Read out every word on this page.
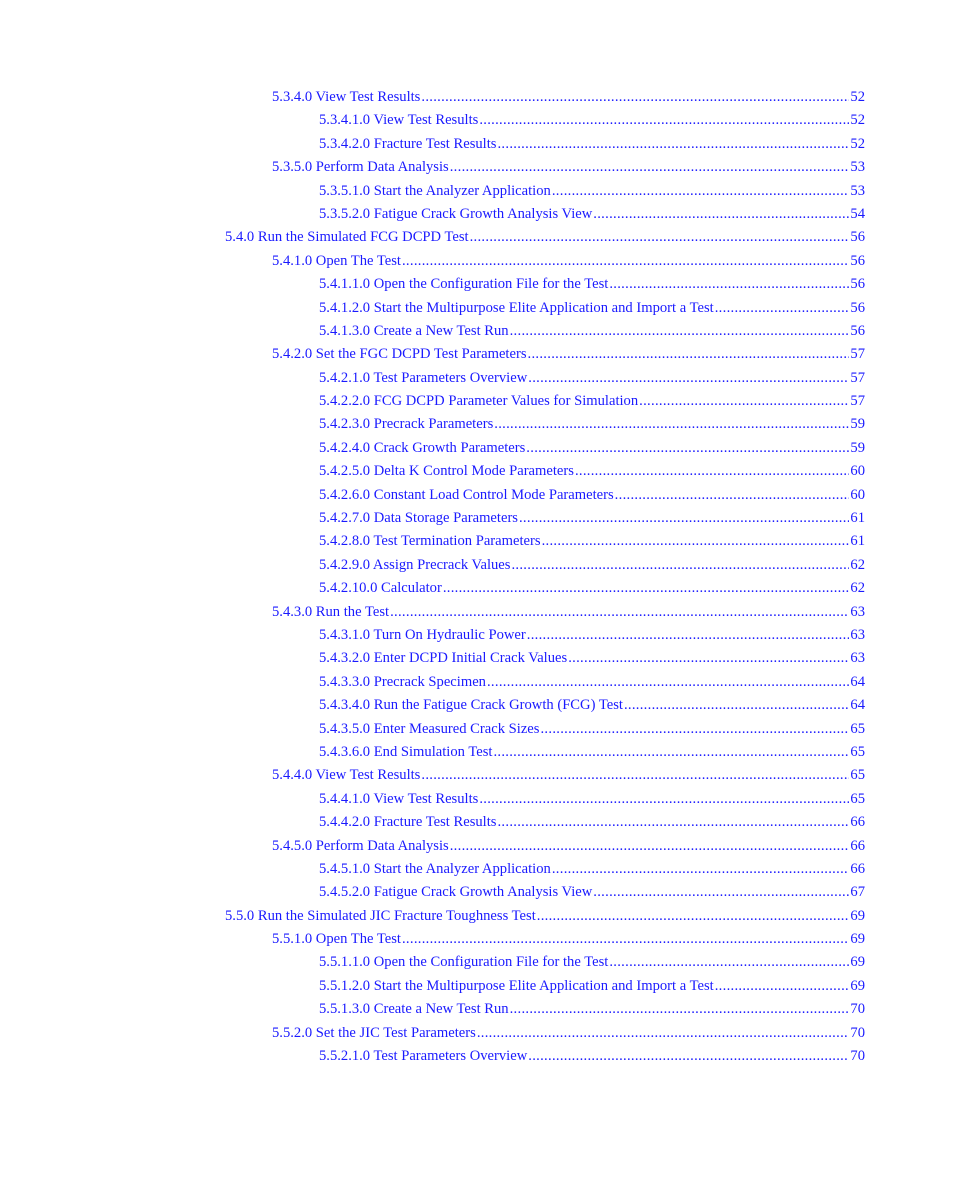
5.3.4.0 View Test Results .....	52
5.3.4.1.0 View Test Results .....	52
5.3.4.2.0 Fracture Test Results .....	52
5.3.5.0 Perform Data Analysis .....	53
5.3.5.1.0 Start the Analyzer Application .....	53
5.3.5.2.0 Fatigue Crack Growth Analysis View .....	54
5.4.0 Run the Simulated FCG DCPD Test .....	56
5.4.1.0 Open The Test .....	56
5.4.1.1.0 Open the Configuration File for the Test .....	56
5.4.1.2.0 Start the Multipurpose Elite Application and Import a Test .....	56
5.4.1.3.0 Create a New Test Run .....	56
5.4.2.0 Set the FGC DCPD Test Parameters .....	57
5.4.2.1.0 Test Parameters Overview .....	57
5.4.2.2.0 FCG DCPD Parameter Values for Simulation .....	57
5.4.2.3.0 Precrack Parameters .....	59
5.4.2.4.0 Crack Growth Parameters .....	59
5.4.2.5.0 Delta K Control Mode Parameters .....	60
5.4.2.6.0 Constant Load Control Mode Parameters .....	60
5.4.2.7.0 Data Storage Parameters .....	61
5.4.2.8.0 Test Termination Parameters .....	61
5.4.2.9.0 Assign Precrack Values .....	62
5.4.2.10.0 Calculator .....	62
5.4.3.0 Run the Test .....	63
5.4.3.1.0 Turn On Hydraulic Power .....	63
5.4.3.2.0 Enter DCPD Initial Crack Values .....	63
5.4.3.3.0 Precrack Specimen .....	64
5.4.3.4.0 Run the Fatigue Crack Growth (FCG) Test .....	64
5.4.3.5.0 Enter Measured Crack Sizes .....	65
5.4.3.6.0 End Simulation Test .....	65
5.4.4.0 View Test Results .....	65
5.4.4.1.0 View Test Results .....	65
5.4.4.2.0 Fracture Test Results .....	66
5.4.5.0 Perform Data Analysis .....	66
5.4.5.1.0 Start the Analyzer Application .....	66
5.4.5.2.0 Fatigue Crack Growth Analysis View .....	67
5.5.0 Run the Simulated JIC Fracture Toughness Test .....	69
5.5.1.0 Open The Test .....	69
5.5.1.1.0 Open the Configuration File for the Test .....	69
5.5.1.2.0 Start the Multipurpose Elite Application and Import a Test .....	69
5.5.1.3.0 Create a New Test Run .....	70
5.5.2.0 Set the JIC Test Parameters .....	70
5.5.2.1.0 Test Parameters Overview .....	70
